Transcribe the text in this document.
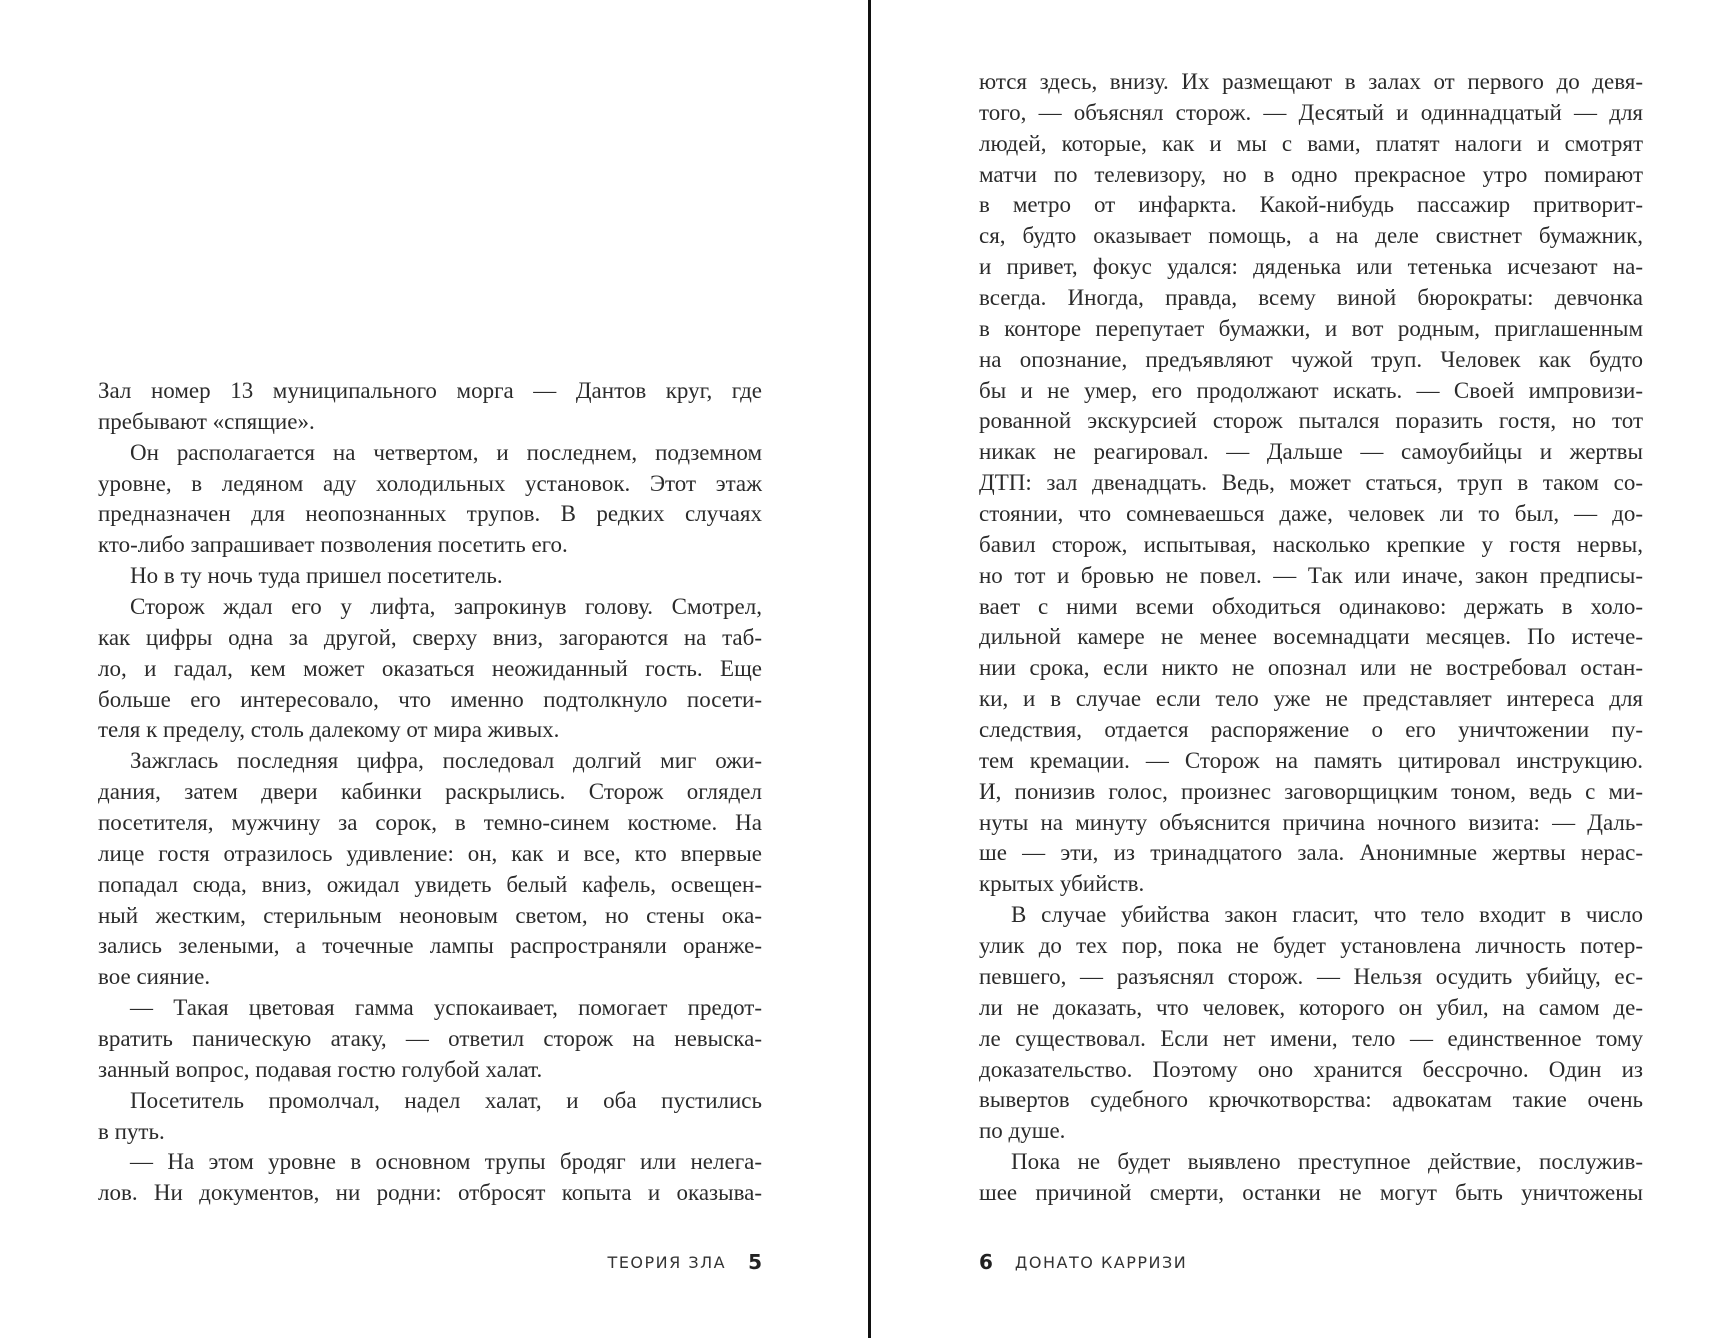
Зал номер 13 муниципального морга — Дантов круг, где
пребывают «спящие».
Он располагается на четвертом, и последнем, подземном
уровне, в ледяном аду холодильных установок. Этот этаж
предназначен для неопознанных трупов. В редких случаях
кто-либо запрашивает позволения посетить его.
Но в ту ночь туда пришел посетитель.
Сторож ждал его у лифта, запрокинув голову. Смотрел,
как цифры одна за другой, сверху вниз, загораются на таб-
ло, и гадал, кем может оказаться неожиданный гость. Еще
больше его интересовало, что именно подтолкнуло посети-
теля к пределу, столь далекому от мира живых.
Зажглась последняя цифра, последовал долгий миг ожи-
дания, затем двери кабинки раскрылись. Сторож оглядел
посетителя, мужчину за сорок, в темно-синем костюме. На
лице гостя отразилось удивление: он, как и все, кто впервые
попадал сюда, вниз, ожидал увидеть белый кафель, освещен-
ный жестким, стерильным неоновым светом, но стены ока-
зались зелеными, а точечные лампы распространяли оранже-
вое сияние.
— Такая цветовая гамма успокаивает, помогает предот-
вратить паническую атаку, — ответил сторож на невыска-
занный вопрос, подавая гостю голубой халат.
Посетитель промолчал, надел халат, и оба пустились
в путь.
— На этом уровне в основном трупы бродяг или нелега-
лов. Ни документов, ни родни: отбросят копыта и оказыва-
ются здесь, внизу. Их размещают в залах от первого до девя-
того, — объяснял сторож. — Десятый и одиннадцатый — для
людей, которые, как и мы с вами, платят налоги и смотрят
матчи по телевизору, но в одно прекрасное утро помирают
в метро от инфаркта. Какой-нибудь пассажир притворит-
ся, будто оказывает помощь, а на деле свистнет бумажник,
и привет, фокус удался: дяденька или тетенька исчезают на-
всегда. Иногда, правда, всему виной бюрократы: девчонка
в конторе перепутает бумажки, и вот родным, приглашенным
на опознание, предъявляют чужой труп. Человек как будто
бы и не умер, его продолжают искать. — Своей импровизи-
рованной экскурсией сторож пытался поразить гостя, но тот
никак не реагировал. — Дальше — самоубийцы и жертвы
ДТП: зал двенадцать. Ведь, может статься, труп в таком со-
стоянии, что сомневаешься даже, человек ли то был, — до-
бавил сторож, испытывая, насколько крепкие у гостя нервы,
но тот и бровью не повел. — Так или иначе, закон предписы-
вает с ними всеми обходиться одинаково: держать в холо-
дильной камере не менее восемнадцати месяцев. По истече-
нии срока, если никто не опознал или не востребовал остан-
ки, и в случае если тело уже не представляет интереса для
следствия, отдается распоряжение о его уничтожении пу-
тем кремации. — Сторож на память цитировал инструкцию.
И, понизив голос, произнес заговорщицким тоном, ведь с ми-
нуты на минуту объяснится причина ночного визита: — Даль-
ше — эти, из тринадцатого зала. Анонимные жертвы нерас-
крытых убийств.
В случае убийства закон гласит, что тело входит в число
улик до тех пор, пока не будет установлена личность потер-
певшего, — разъяснял сторож. — Нельзя осудить убийцу, ес-
ли не доказать, что человек, которого он убил, на самом де-
ле существовал. Если нет имени, тело — единственное тому
доказательство. Поэтому оно хранится бессрочно. Один из
вывертов судебного крючкотворства: адвокатам такие очень
по душе.
Пока не будет выявлено преступное действие, послужив-
шее причиной смерти, останки не могут быть уничтожены
ТЕОРИЯ ЗЛА 5	6 ДОНАТО КАРРИЗИ
